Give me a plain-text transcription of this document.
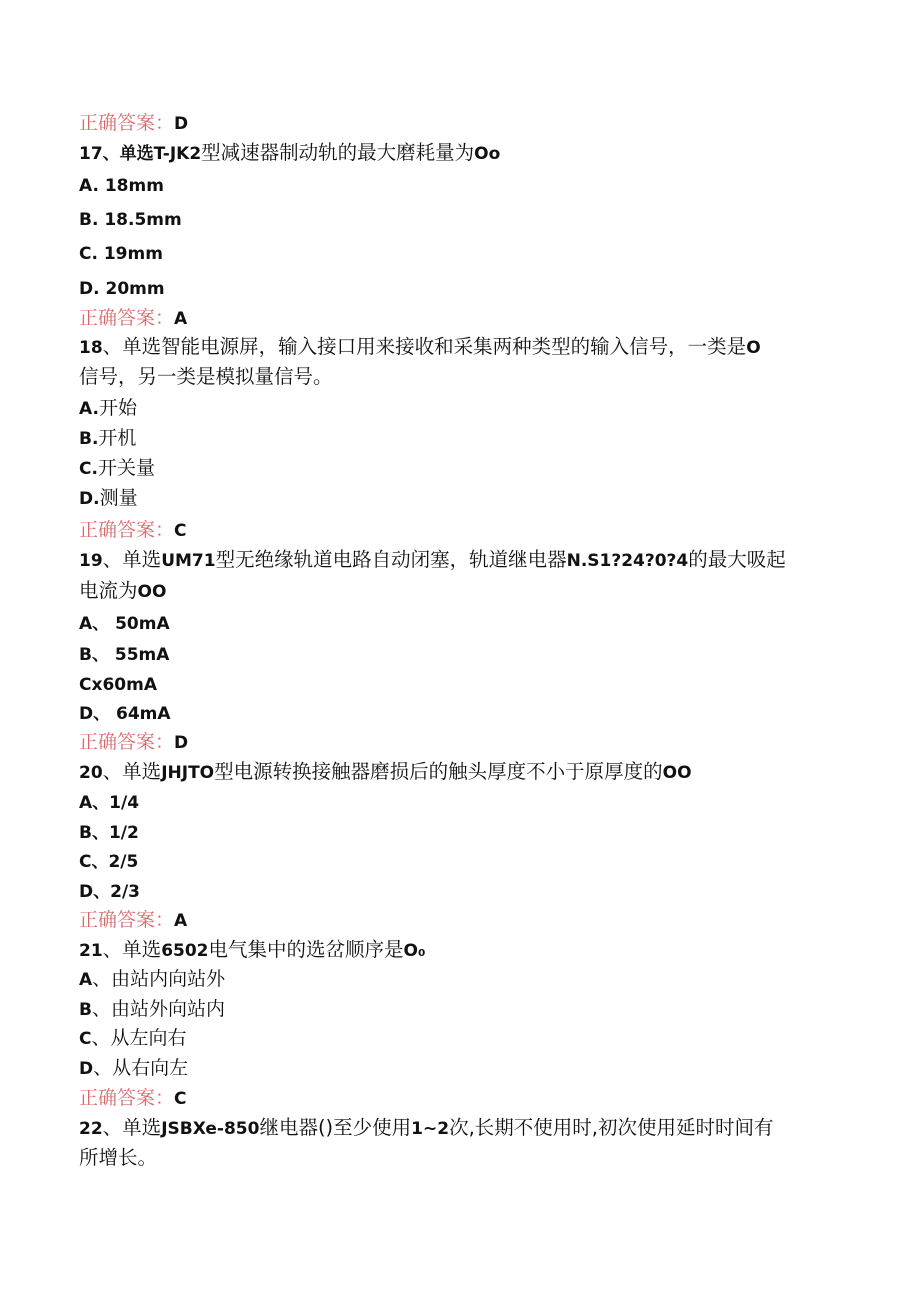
正确答案：D
17、单选T-JK2型减速器制动轨的最大磨耗量为Oo
A. 18mm
B. 18.5mm
C. 19mm
D. 20mm
正确答案：A
18、单选智能电源屏，输入接口用来接收和采集两种类型的输入信号，一类是O
信号，另一类是模拟量信号。
A.开始
B.开机
C.开关量
D.测量
正确答案：C
19、单选UM71型无绝缘轨道电路自动闭塞，轨道继电器N.S1?24?0?4的最大吸起
电流为OO
A、 50mA
B、 55mA
Cx60mA
D、 64mA
正确答案：D
20、单选JHJTO型电源转换接触器磨损后的触头厚度不小于原厚度的OO
A、1/4
B、1/2
C、2/5
D、2/3
正确答案：A
21、单选6502电气集中的选岔顺序是O₀
A、由站内向站外
B、由站外向站内
C、从左向右
D、从右向左
正确答案：C
22、单选JSBXe-850继电器()至少使用1~2次,长期不使用时,初次使用延时时间有
所增长。
